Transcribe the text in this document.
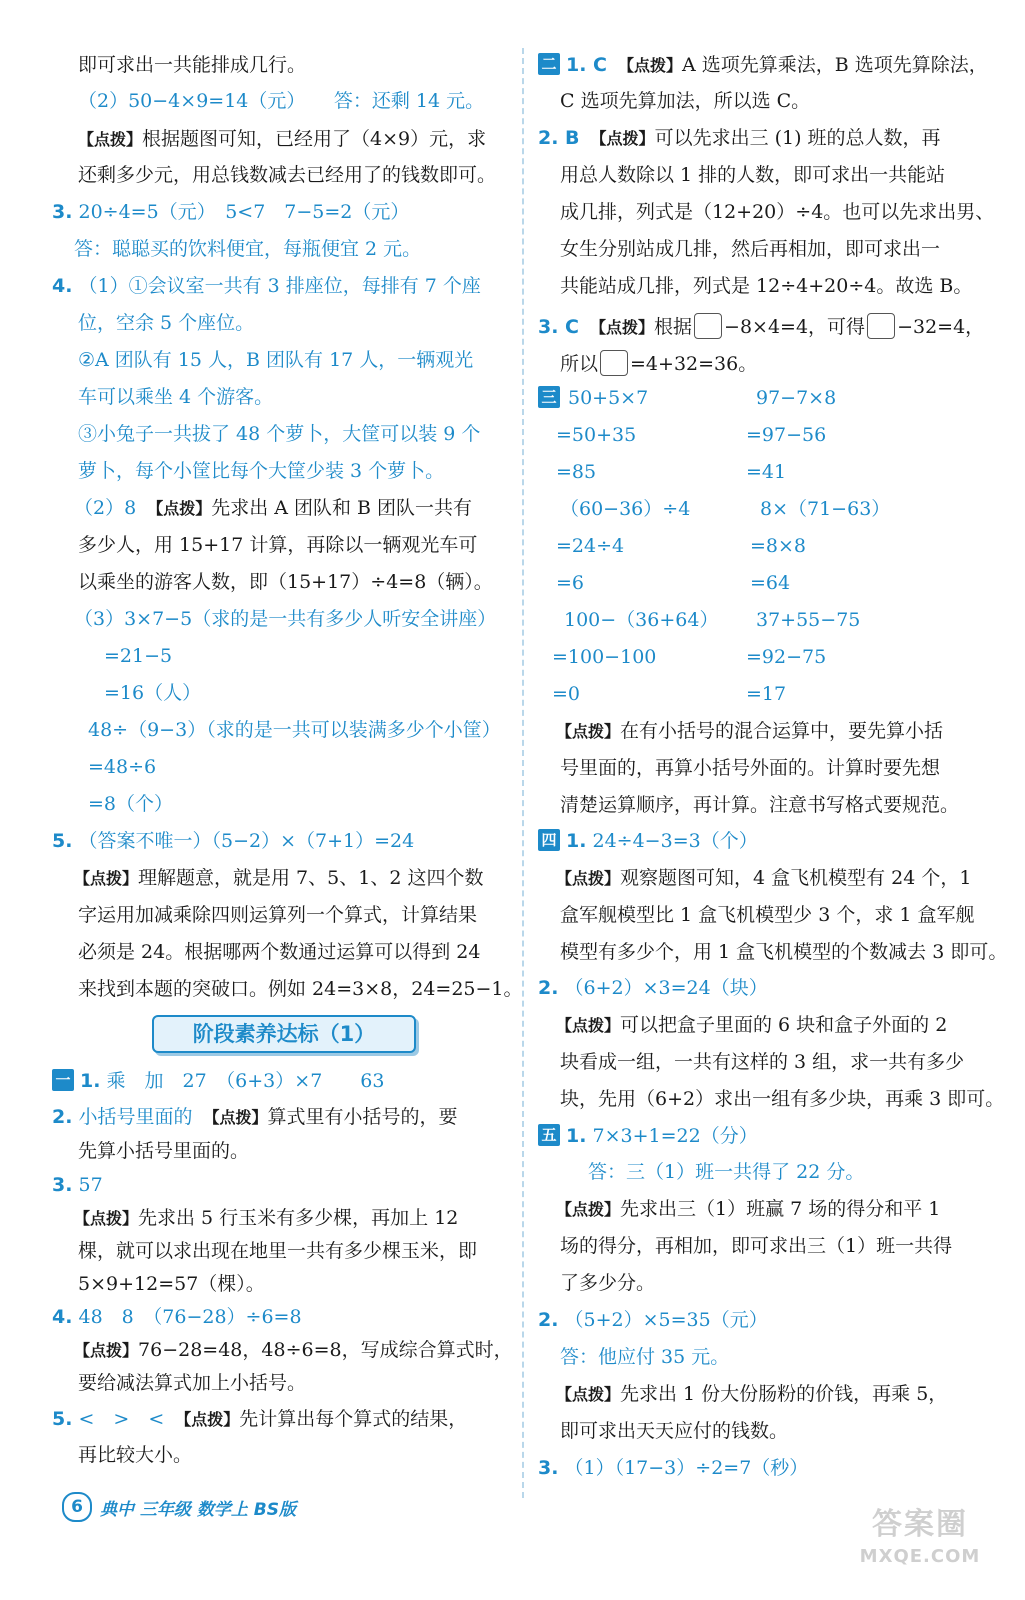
即可求出一共能排成几行。
（2）50−4×9=14（元）　　答：还剩 14 元。
【点拨】根据题图可知，已经用了（4×9）元，求
还剩多少元，用总钱数减去已经用了的钱数即可。
3. 20÷4=5（元）　5<7　7−5=2（元）
答：聪聪买的饮料便宜，每瓶便宜 2 元。
4. （1）①会议室一共有 3 排座位，每排有 7 个座
位，空余 5 个座位。
②A 团队有 15 人，B 团队有 17 人，一辆观光
车可以乘坐 4 个游客。
③小兔子一共拔了 48 个萝卜，大筐可以装 9 个
萝卜，每个小筐比每个大筐少装 3 个萝卜。
（2）8　【点拨】先求出 A 团队和 B 团队一共有
多少人，用 15+17 计算，再除以一辆观光车可
以乘坐的游客人数，即（15+17）÷4=8（辆）。
（3）3×7−5（求的是一共有多少人听安全讲座）
=21−5
=16（人）
48÷（9−3）（求的是一共可以装满多少个小筐）
=48÷6
=8（个）
5. （答案不唯一）（5−2）×（7+1）=24
【点拨】理解题意，就是用 7、5、1、2 这四个数
字运用加减乘除四则运算列一个算式，计算结果
必须是 24。根据哪两个数通过运算可以得到 24
来找到本题的突破口。例如 24=3×8，24=25−1。
阶段素养达标（1）
一 1. 乘　加　27　（6+3）×7　　63
2. 小括号里面的　【点拨】算式里有小括号的，要
先算小括号里面的。
3. 57
【点拨】先求出 5 行玉米有多少棵，再加上 12
棵，就可以求出现在地里一共有多少棵玉米，即
5×9+12=57（棵）。
4. 48　8　（76−28）÷6=8
【点拨】76−28=48，48÷6=8，写成综合算式时，
要给减法算式加上小括号。
5. <　>　<　【点拨】先计算出每个算式的结果，
再比较大小。
二 1. C　【点拨】A 选项先算乘法，B 选项先算除法，
C 选项先算加法，所以选 C。
2. B　【点拨】可以先求出三 (1) 班的总人数，再
用总人数除以 1 排的人数，即可求出一共能站
成几排，列式是（12+20）÷4。也可以先求出男、
女生分别站成几排，然后再相加，即可求出一
共能站成几排，列式是 12÷4+20÷4。故选 B。
3. C　【点拨】根据 −8×4=4，可得 −32=4，
所以 =4+32=36。
三 50+5×7
=50+35
=85
（60−36）÷4
=24÷4
=6
100−（36+64）
=100−100
=0
97−7×8
=97−56
=41
8×（71−63）
=8×8
=64
37+55−75
=92−75
=17
【点拨】在有小括号的混合运算中，要先算小括
号里面的，再算小括号外面的。计算时要先想
清楚运算顺序，再计算。注意书写格式要规范。
四 1. 24÷4−3=3（个）
【点拨】观察题图可知，4 盒飞机模型有 24 个，1
盒军舰模型比 1 盒飞机模型少 3 个，求 1 盒军舰
模型有多少个，用 1 盒飞机模型的个数减去 3 即可。
2. （6+2）×3=24（块）
【点拨】可以把盒子里面的 6 块和盒子外面的 2
块看成一组，一共有这样的 3 组，求一共有多少
块，先用（6+2）求出一组有多少块，再乘 3 即可。
五 1. 7×3+1=22（分）
答：三（1）班一共得了 22 分。
【点拨】先求出三（1）班赢 7 场的得分和平 1
场的得分，再相加，即可求出三（1）班一共得
了多少分。
2. （5+2）×5=35（元）
答：他应付 35 元。
【点拨】先求出 1 份大份肠粉的价钱，再乘 5，
即可求出天天应付的钱数。
3. （1）（17−3）÷2=7（秒）
6 典中 三年级 数学上 BS版	答案圈
MXQE.COM
